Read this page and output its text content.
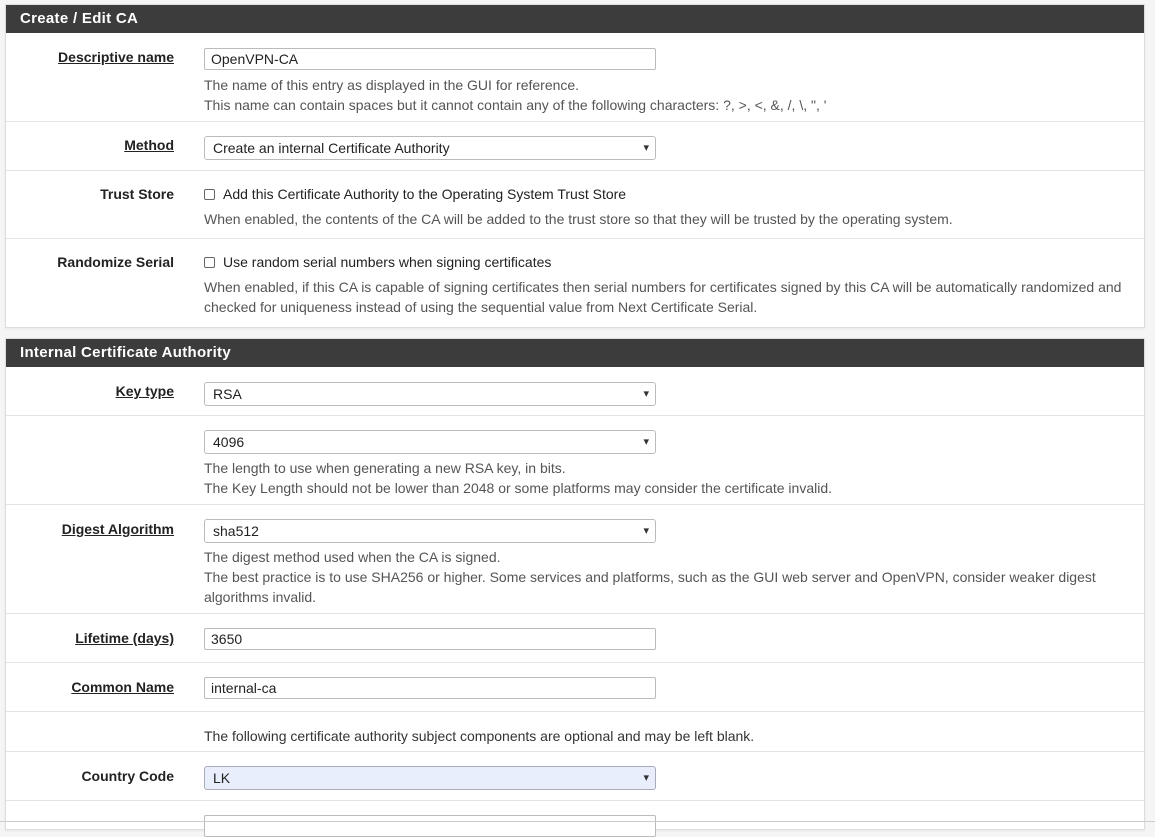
Create / Edit CA
Descriptive name	OpenVPN-CA
The name of this entry as displayed in the GUI for reference.
This name can contain spaces but it cannot contain any of the following characters: ?, >, <, &, /, \, ", '
Method	Create an internal Certificate Authority	▾
Trust Store	Add this Certificate Authority to the Operating System Trust Store
When enabled, the contents of the CA will be added to the trust store so that they will be trusted by the operating system.
Randomize Serial	Use random serial numbers when signing certificates
When enabled, if this CA is capable of signing certificates then serial numbers for certificates signed by this CA will be automatically randomized and
checked for uniqueness instead of using the sequential value from Next Certificate Serial.
Internal Certificate Authority
Key type	RSA	▾
4096	▾
The length to use when generating a new RSA key, in bits.
The Key Length should not be lower than 2048 or some platforms may consider the certificate invalid.
Digest Algorithm	sha512	▾
The digest method used when the CA is signed.
The best practice is to use SHA256 or higher. Some services and platforms, such as the GUI web server and OpenVPN, consider weaker digest
algorithms invalid.
Lifetime (days)	3650
Common Name	internal-ca
The following certificate authority subject components are optional and may be left blank.
Country Code	LK	▾
